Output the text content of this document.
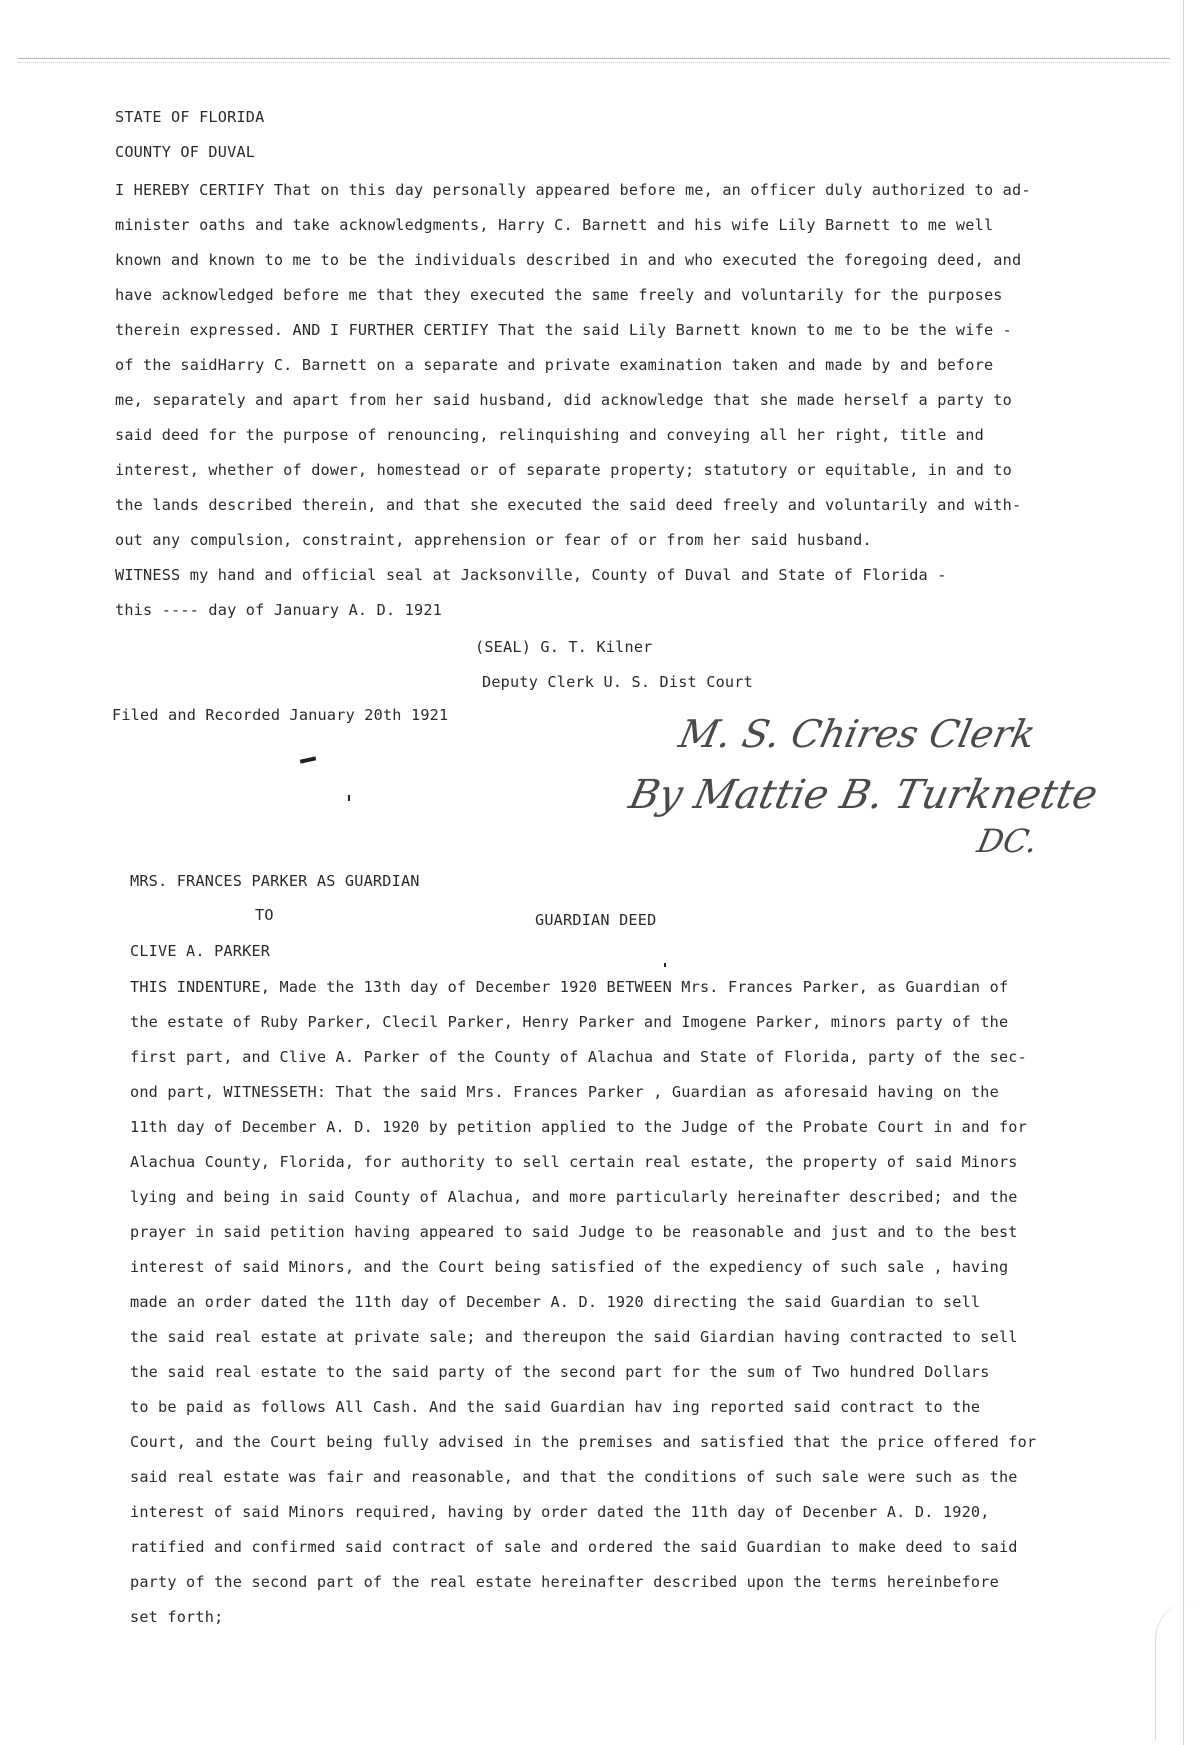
STATE OF FLORIDA
COUNTY OF DUVAL
I HEREBY CERTIFY That on this day personally appeared before me, an officer duly authorized to ad-
minister oaths and take acknowledgments, Harry C. Barnett and his wife Lily Barnett to me well
known and known to me to be the individuals described in and who executed the foregoing deed, and
have acknowledged before me that they executed the same freely and voluntarily for the purposes
therein expressed. AND I FURTHER CERTIFY That the said Lily Barnett known to me to be the wife -
of the saidHarry C. Barnett on a separate and private examination taken and made by and before
me, separately and apart from her said husband, did acknowledge that she made herself a party to
said deed for the purpose of renouncing, relinquishing and conveying all her right, title and
interest, whether of dower, homestead or of separate property; statutory or equitable, in and to
the lands described therein, and that she executed the said deed freely and voluntarily and with-
out any compulsion, constraint, apprehension or fear of or from her said husband.
WITNESS my hand and official seal at Jacksonville, County of Duval and State of Florida -
this ---- day of January A. D. 1921
(SEAL) G. T. Kilner
Deputy Clerk U. S. Dist Court
Filed and Recorded January 20th 1921	M. S. Chires Clerk
By Mattie B. Turknette
DC.
MRS. FRANCES PARKER AS GUARDIAN
TO	GUARDIAN DEED
CLIVE A. PARKER
THIS INDENTURE, Made the 13th day of December 1920 BETWEEN Mrs. Frances Parker, as Guardian of
the estate of Ruby Parker, Clecil Parker, Henry Parker and Imogene Parker, minors party of the
first part, and Clive A. Parker of the County of Alachua and State of Florida, party of the sec-
ond part, WITNESSETH: That the said Mrs. Frances Parker , Guardian as aforesaid having on the
11th day of December A. D. 1920 by petition applied to the Judge of the Probate Court in and for
Alachua County, Florida, for authority to sell certain real estate, the property of said Minors
lying and being in said County of Alachua, and more particularly hereinafter described; and the
prayer in said petition having appeared to said Judge to be reasonable and just and to the best
interest of said Minors, and the Court being satisfied of the expediency of such sale , having
made an order dated the 11th day of December A. D. 1920 directing the said Guardian to sell
the said real estate at private sale; and thereupon the said Giardian having contracted to sell
the said real estate to the said party of the second part for the sum of Two hundred Dollars
to be paid as follows All Cash. And the said Guardian hav ing reported said contract to the
Court, and the Court being fully advised in the premises and satisfied that the price offered for
said real estate was fair and reasonable, and that the conditions of such sale were such as the
interest of said Minors required, having by order dated the 11th day of Decenber A. D. 1920,
ratified and confirmed said contract of sale and ordered the said Guardian to make deed to said
party of the second part of the real estate hereinafter described upon the terms hereinbefore
set forth;
